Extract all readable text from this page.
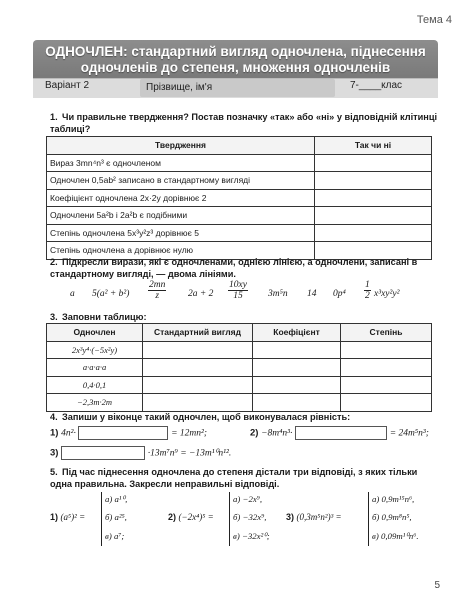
Тема 4
ОДНОЧЛЕН: стандартний вигляд одночлена, піднесення
одночленів до степеня, множення одночленів
Варіант 2	Прізвище, ім'я	7-____клас
1. Чи правильне твердження? Постав позначку «так» або «ні» у відповідній клітинці таблиці?
Твердження	Так чи ні
Вираз 3mn⁴n³ є одночленом	
Одночлен 0,5ab² записано в стандартному вигляді	
Коефіцієнт одночлена 2x·2y дорівнює 2	
Одночлени 5a²b і 2a²b є подібними	
Степінь одночлена 5x³y²z³ дорівнює 5	
Степінь одночлена a дорівнює нулю	
2. Підкресли вирази, які є одночленами, однією лінією, а одночлени, записані в стандартному вигляді, — двома лініями.
a $5(a^2 + b^2) \frac{2mn}{z} 2a + 2 \frac{10xy}{15} 3m^5n$ 14 $0p^4 \frac{1}{2} x^3xy^2y^2$
3. Заповни таблицю:
Одночлен	Стандартний вигляд	Коефіцієнт	Степінь
2x³y⁴·(−5x²y)			
a·a·a·a			
0,4·0,1			
−2,3m·2m			
4. Запиши у віконце такий одночлен, щоб виконувалася рівність:
1) 4n²·	= 12mn²;	2) −8m⁴n³·	= 24m⁵n³;
3)	·13m⁷n⁹ = −13m¹⁰n¹².
5. Під час піднесення одночлена до степеня дістали три відповіді, з яких тільки одна правильна. Закресли неправильні відповіді.
1) (a⁵)² =
а) a¹⁰,
б) a²⁵,
в) a⁷;
2) (−2x⁴)⁵ =
а) −2x⁹,
б) −32x⁹,
в) −32x²⁰;
3) (0,3m⁵n²)³ =
а) 0,9m¹⁵n⁶,
б) 0,9m⁸n⁵,
в) 0,09m¹⁰n⁶.
5
